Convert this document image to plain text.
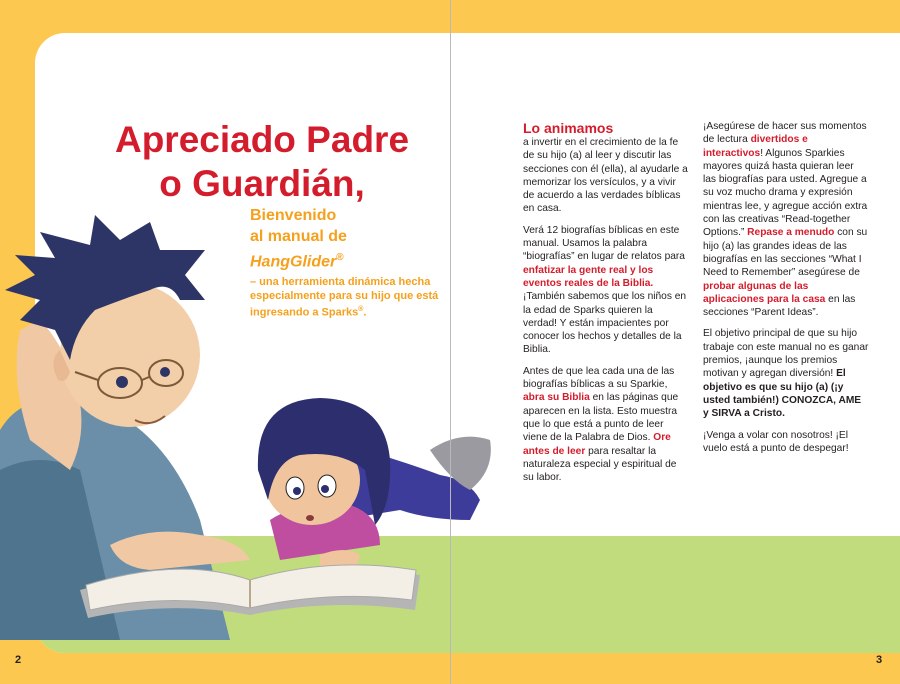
Apreciado Padre
o Guardián,
Bienvenido
al manual de
HangGlider®
– una herramienta dinámica hecha especialmente para su hijo que está ingresando a Sparks®.
2

Lo animamos
a invertir en el crecimiento de la fe de su hijo (a) al leer y discutir las secciones con él (ella), al ayudarle a memorizar los versículos, y a vivir de acuerdo a las verdades bíblicas en casa.

Verá 12 biografías bíblicas en este manual. Usamos la palabra “biografías” en lugar de relatos para enfatizar la gente real y los eventos reales de la Biblia. ¡También sabemos que los niños en la edad de Sparks quieren la verdad! Y están impacientes por conocer los hechos y detalles de la Biblia.

Antes de que lea cada una de las biografías bíblicas a su Sparkie, abra su Biblia en las páginas que aparecen en la lista. Esto muestra que lo que está a punto de leer viene de la Palabra de Dios. Ore antes de leer para resaltar la naturaleza especial y espiritual de su labor.

¡Asegúrese de hacer sus momentos de lectura divertidos e interactivos! Algunos Sparkies mayores quizá hasta quieran leer las biografías para usted. Agregue a su voz mucho drama y expresión mientras lee, y agregue acción extra con las creativas “Read-together Options.” Repase a menudo con su hijo (a) las grandes ideas de las biografías en las secciones “What I Need to Remember” asegúrese de probar algunas de las aplicaciones para la casa en las secciones “Parent Ideas”.

El objetivo principal de que su hijo trabaje con este manual no es ganar premios, ¡aunque los premios motivan y agregan diversión! El objetivo es que su hijo (a) (¡y usted también!) CONOZCA, AME y SIRVA a Cristo.

¡Venga a volar con nosotros! ¡El vuelo está a punto de despegar!

3
